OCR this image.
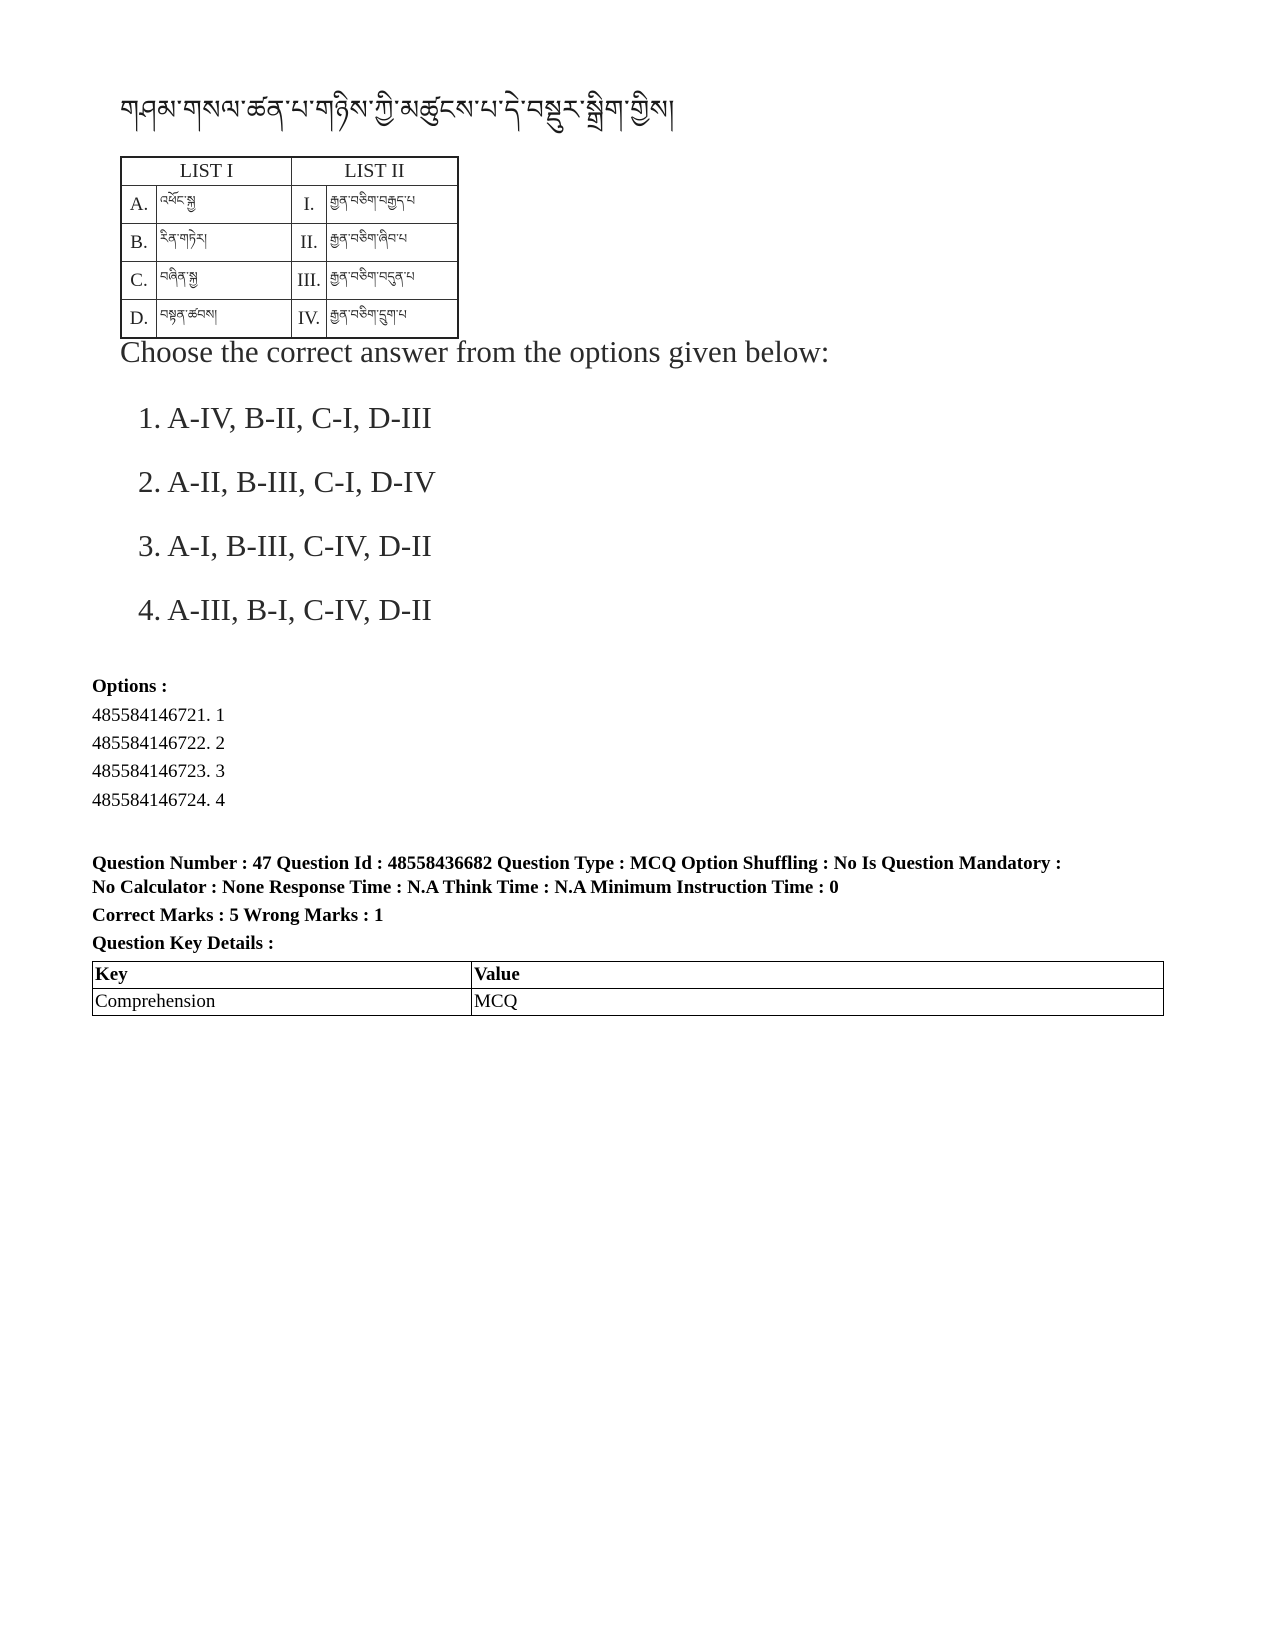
གཤམ་གསལ་ཚན་པ་གཉིས་ཀྱི་མཚུངས་པ་དེ་བསྡུར་སྒྲིག་གྱིས།
LIST I		LIST II	
A.	འཕོང་སྐྱ	I.	རྒྱན་བཅིག་བརྒྱད་པ
B.	རིན་གཏེར།	II.	རྒྱན་བཅིག་ཞིབ་པ
C.	བཞིན་སྐྱ	III.	རྒྱན་བཅིག་བདུན་པ
D.	བསྟན་ཚབས།	IV.	རྒྱན་བཅིག་དྲུག་པ
Choose the correct answer from the options given below:
1. A-IV, B-II, C-I, D-III
2. A-II, B-III, C-I, D-IV
3. A-I, B-III, C-IV, D-II
4. A-III, B-I, C-IV, D-II
Options :
485584146721. 1
485584146722. 2
485584146723. 3
485584146724. 4
Question Number : 47 Question Id : 48558436682 Question Type : MCQ Option Shuffling : No Is Question Mandatory :
No Calculator : None Response Time : N.A Think Time : N.A Minimum Instruction Time : 0
Correct Marks : 5 Wrong Marks : 1
Question Key Details :
Key	Value
Comprehension	MCQ
